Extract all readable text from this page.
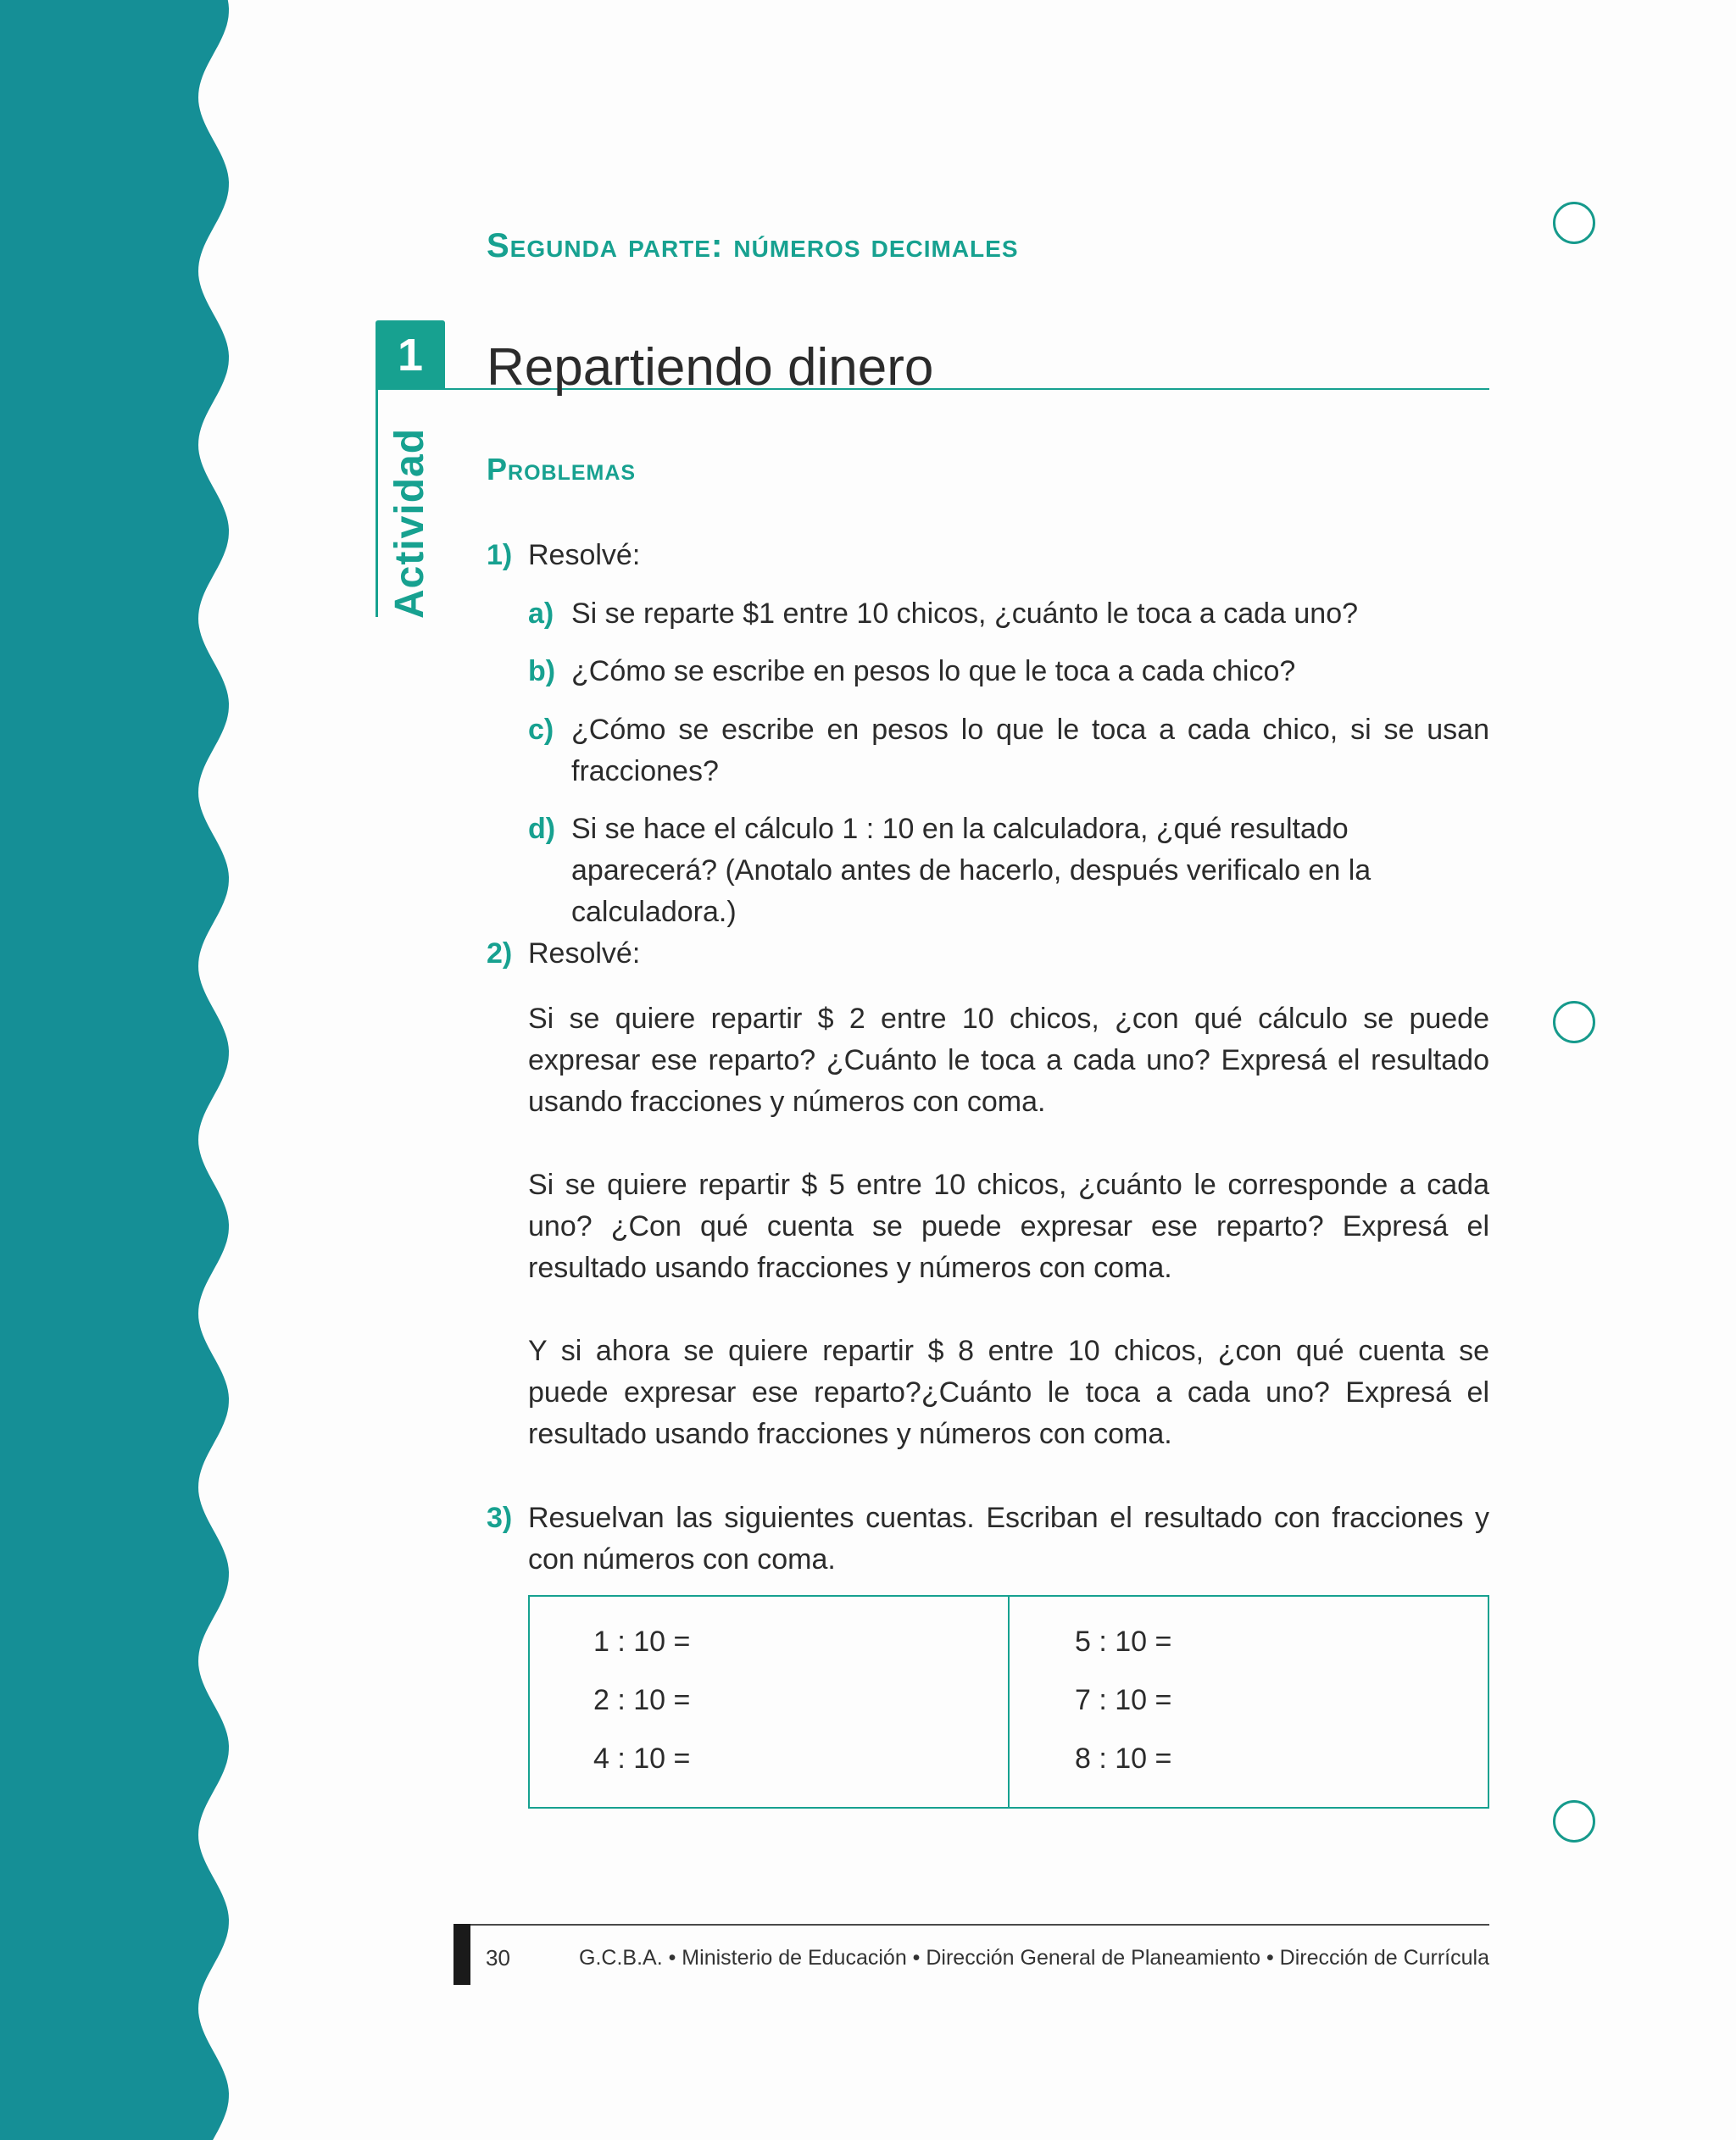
Segunda parte: números decimales
1
Actividad
Repartiendo dinero
Problemas
1) Resolvé:
a) Si se reparte $1 entre 10 chicos, ¿cuánto le toca a cada uno?
b) ¿Cómo se escribe en pesos lo que le toca a cada chico?
c) ¿Cómo se escribe en pesos lo que le toca a cada chico, si se usan fracciones?
d) Si se hace el cálculo 1 : 10 en la calculadora, ¿qué resultado aparecerá? (Anotalo antes de hacerlo, después verificalo en la calculadora.)
2) Resolvé:
Si se quiere repartir $ 2 entre 10 chicos, ¿con qué cálculo se puede expresar ese reparto? ¿Cuánto le toca a cada uno? Expresá el resultado usando fracciones y números con coma.
Si se quiere repartir $ 5 entre 10 chicos, ¿cuánto le corresponde a cada uno? ¿Con qué cuenta se puede expresar ese reparto? Expresá el resultado usando fracciones y números con coma.
Y si ahora se quiere repartir $ 8 entre 10 chicos, ¿con qué cuenta se puede expresar ese reparto?¿Cuánto le toca a cada uno? Expresá el resultado usando fracciones y números con coma.
3) Resuelvan las siguientes cuentas. Escriban el resultado con fracciones y con números con coma.
1 : 10 =
2 : 10 =
4 : 10 =
5 : 10 =
7 : 10 =
8 : 10 =
30	G.C.B.A. • Ministerio de Educación • Dirección General de Planeamiento • Dirección de Currícula
